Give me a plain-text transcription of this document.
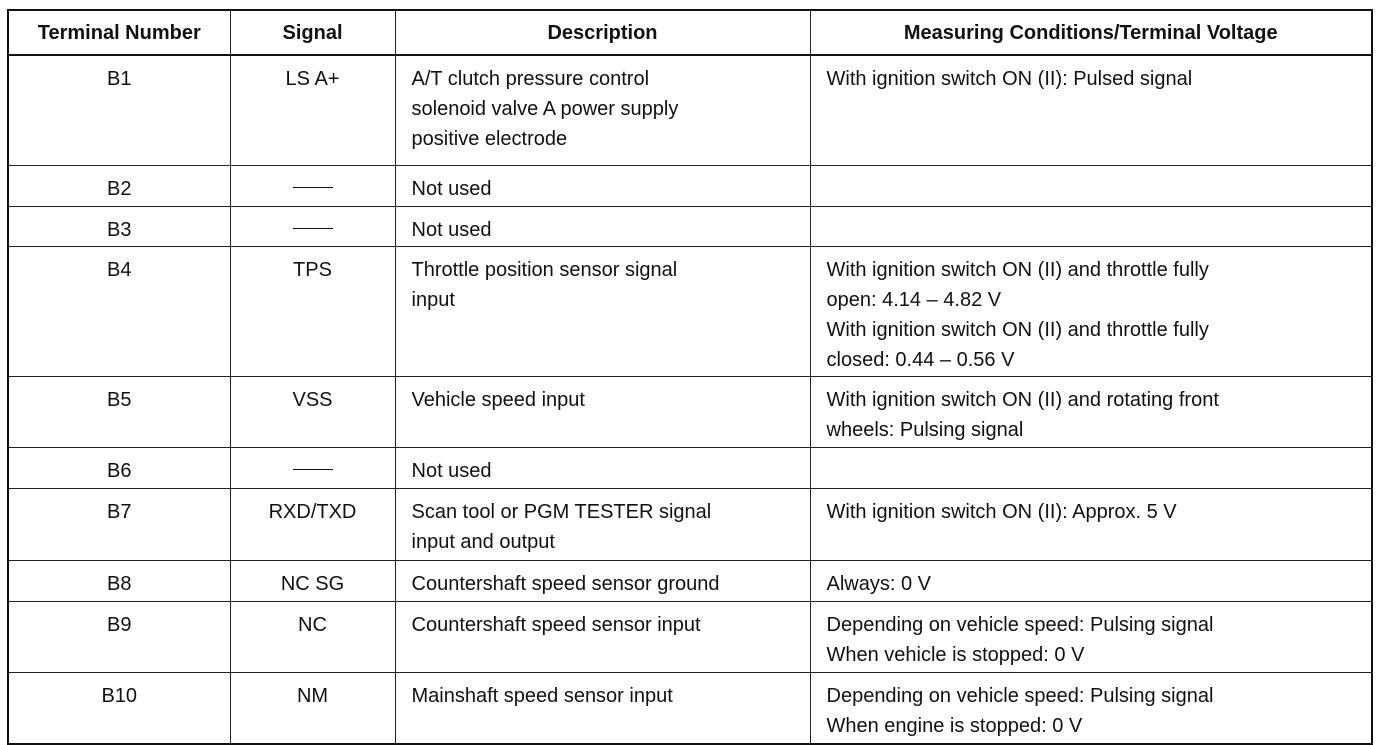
Terminal Number	Signal	Description	Measuring Conditions/Terminal Voltage
B1	LS A+	A/T clutch pressure control
solenoid valve A power supply
positive electrode	With ignition switch ON (II): Pulsed signal

B2		Not used	

B3		Not used	

B4	TPS	Throttle position sensor signal
input	With ignition switch ON (II) and throttle fully
open: 4.14 – 4.82 V
With ignition switch ON (II) and throttle fully
closed: 0.44 – 0.56 V

B5	VSS	Vehicle speed input	With ignition switch ON (II) and rotating front
wheels: Pulsing signal

B6		Not used	

B7	RXD/TXD	Scan tool or PGM TESTER signal
input and output	With ignition switch ON (II): Approx. 5 V

B8	NC SG	Countershaft speed sensor ground	Always: 0 V

B9	NC	Countershaft speed sensor input	Depending on vehicle speed: Pulsing signal
When vehicle is stopped: 0 V

B10	NM	Mainshaft speed sensor input	Depending on vehicle speed: Pulsing signal
When engine is stopped: 0 V
